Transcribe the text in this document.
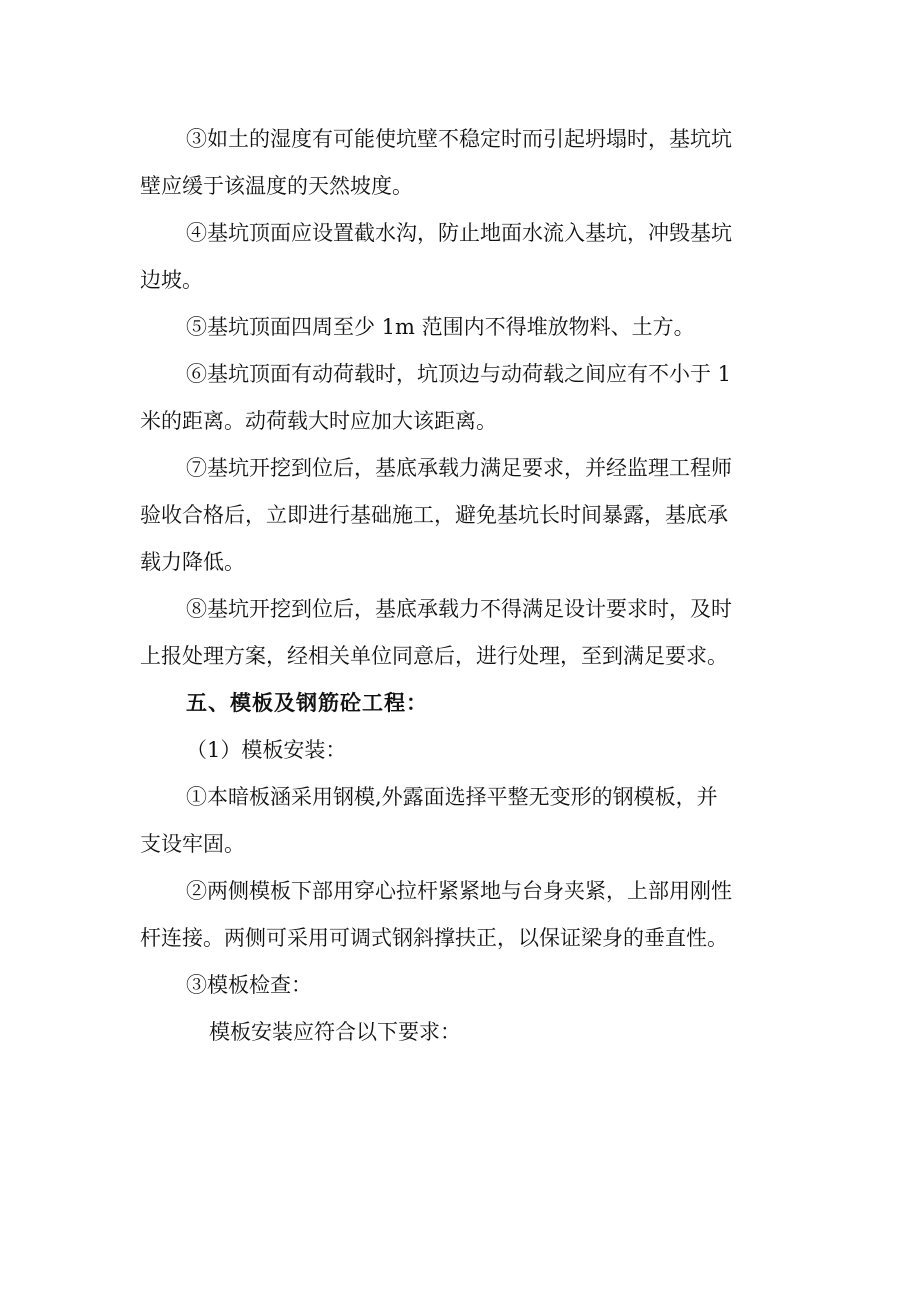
③如土的湿度有可能使坑壁不稳定时而引起坍塌时，基坑坑
壁应缓于该温度的天然坡度。
④基坑顶面应设置截水沟，防止地面水流入基坑，冲毁基坑
边坡。
⑤基坑顶面四周至少 1m 范围内不得堆放物料、土方。
⑥基坑顶面有动荷载时，坑顶边与动荷载之间应有不小于 1
米的距离。动荷载大时应加大该距离。
⑦基坑开挖到位后，基底承载力满足要求，并经监理工程师
验收合格后，立即进行基础施工，避免基坑长时间暴露，基底承
载力降低。
⑧基坑开挖到位后，基底承载力不得满足设计要求时，及时
上报处理方案，经相关单位同意后，进行处理，至到满足要求。
五、模板及钢筋砼工程：
（1）模板安装：
①本暗板涵采用钢模,外露面选择平整无变形的钢模板，并
支设牢固。
②两侧模板下部用穿心拉杆紧紧地与台身夹紧，上部用刚性
杆连接。两侧可采用可调式钢斜撑扶正，以保证梁身的垂直性。
③模板检查：
模板安装应符合以下要求：
